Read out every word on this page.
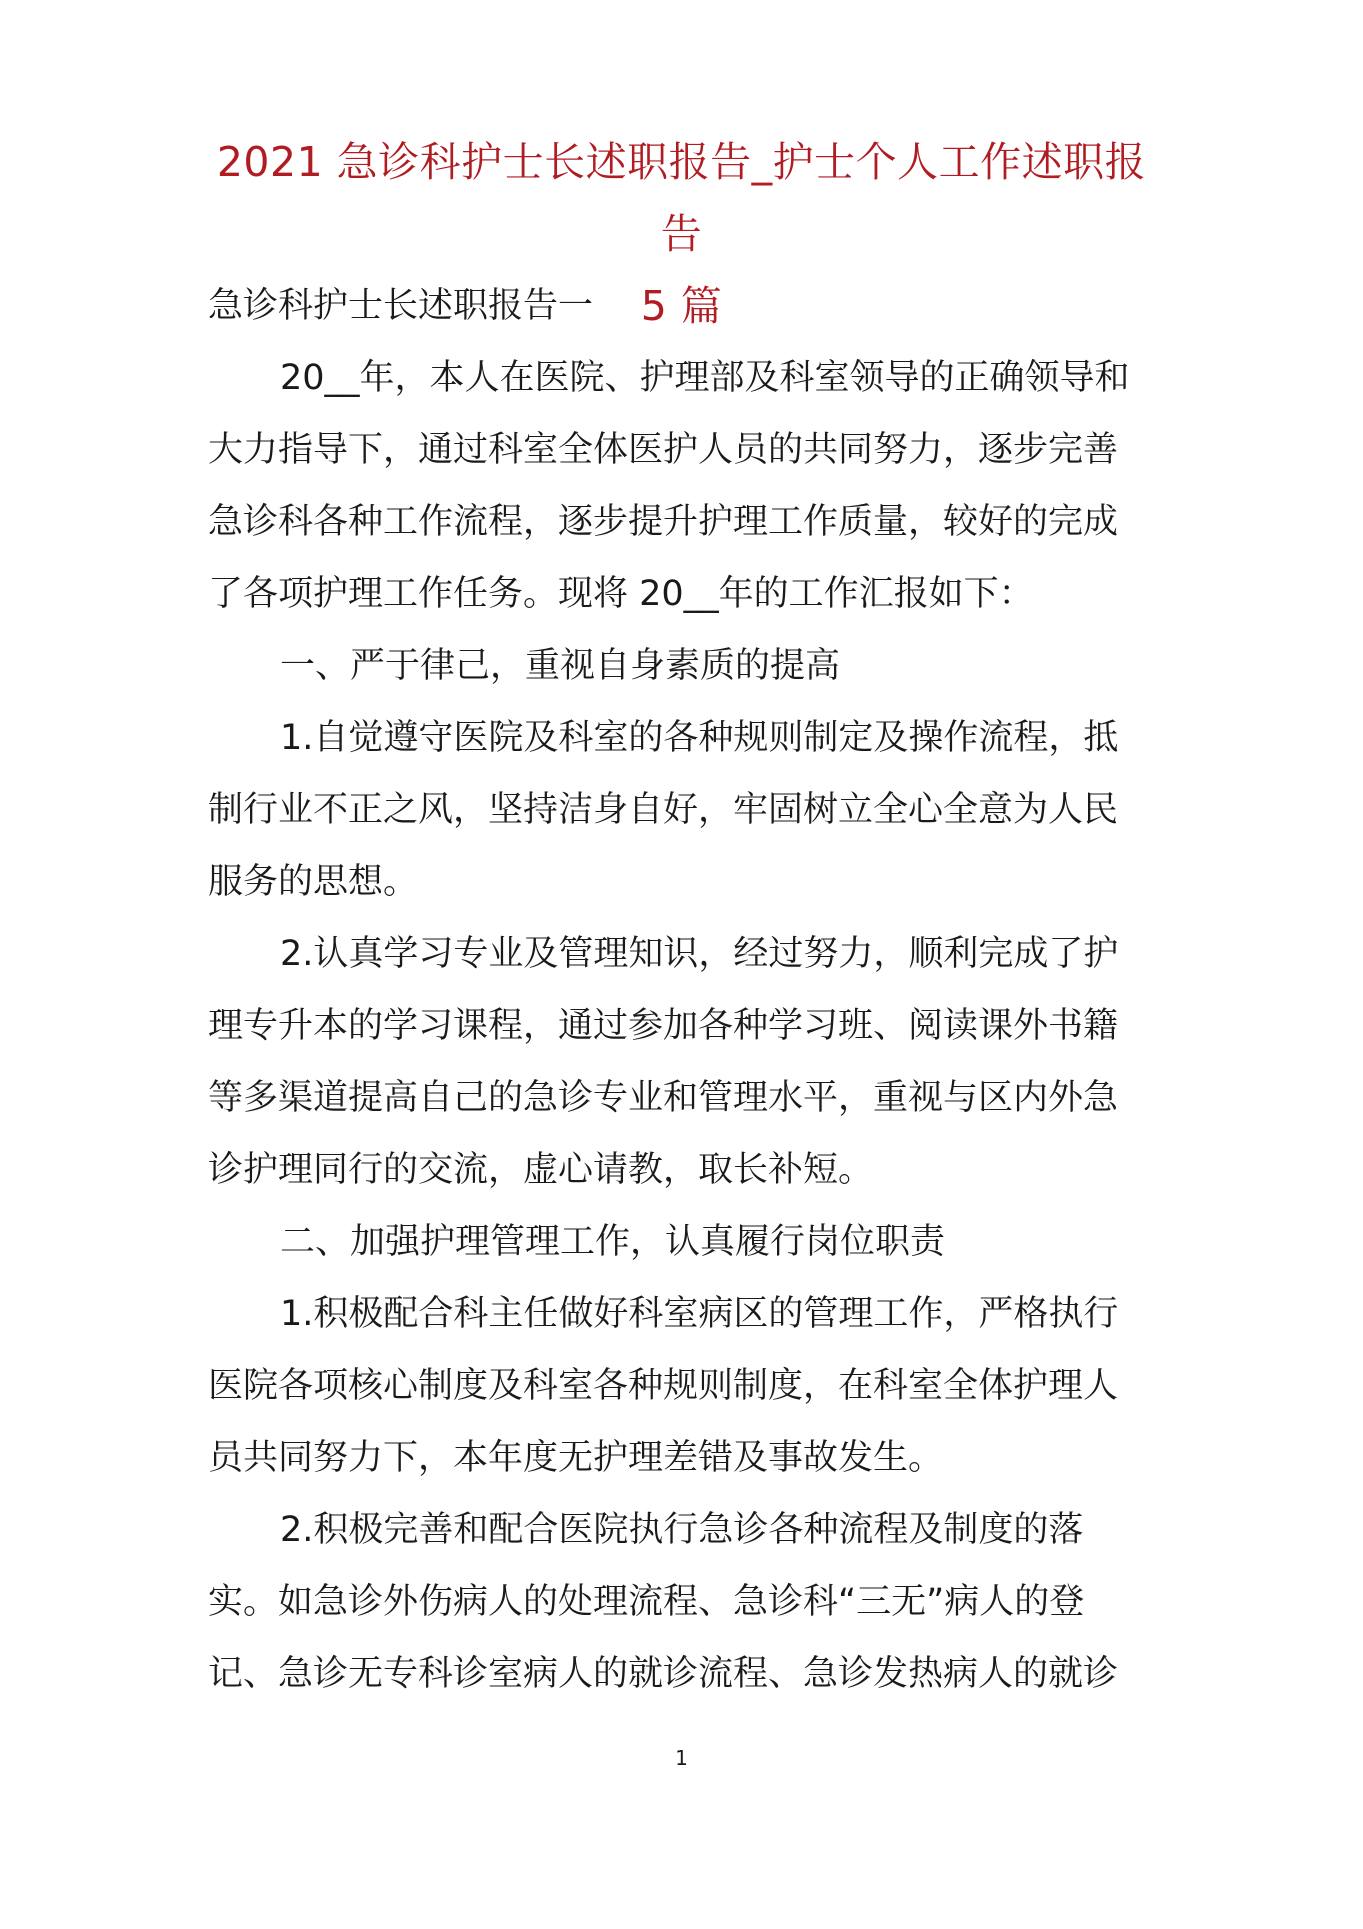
2021 急诊科护士长述职报告_护士个人工作述职报告
5 篇
急诊科护士长述职报告一
20__年，本人在医院、护理部及科室领导的正确领导和
大力指导下，通过科室全体医护人员的共同努力，逐步完善
急诊科各种工作流程，逐步提升护理工作质量，较好的完成
了各项护理工作任务。现将 20__年的工作汇报如下：
一、严于律己，重视自身素质的提高
1.自觉遵守医院及科室的各种规则制定及操作流程，抵
制行业不正之风，坚持洁身自好，牢固树立全心全意为人民
服务的思想。
2.认真学习专业及管理知识，经过努力，顺利完成了护
理专升本的学习课程，通过参加各种学习班、阅读课外书籍
等多渠道提高自己的急诊专业和管理水平，重视与区内外急
诊护理同行的交流，虚心请教，取长补短。
二、加强护理管理工作，认真履行岗位职责
1.积极配合科主任做好科室病区的管理工作，严格执行
医院各项核心制度及科室各种规则制度，在科室全体护理人
员共同努力下，本年度无护理差错及事故发生。
2.积极完善和配合医院执行急诊各种流程及制度的落
实。如急诊外伤病人的处理流程、急诊科“三无”病人的登
记、急诊无专科诊室病人的就诊流程、急诊发热病人的就诊
1
